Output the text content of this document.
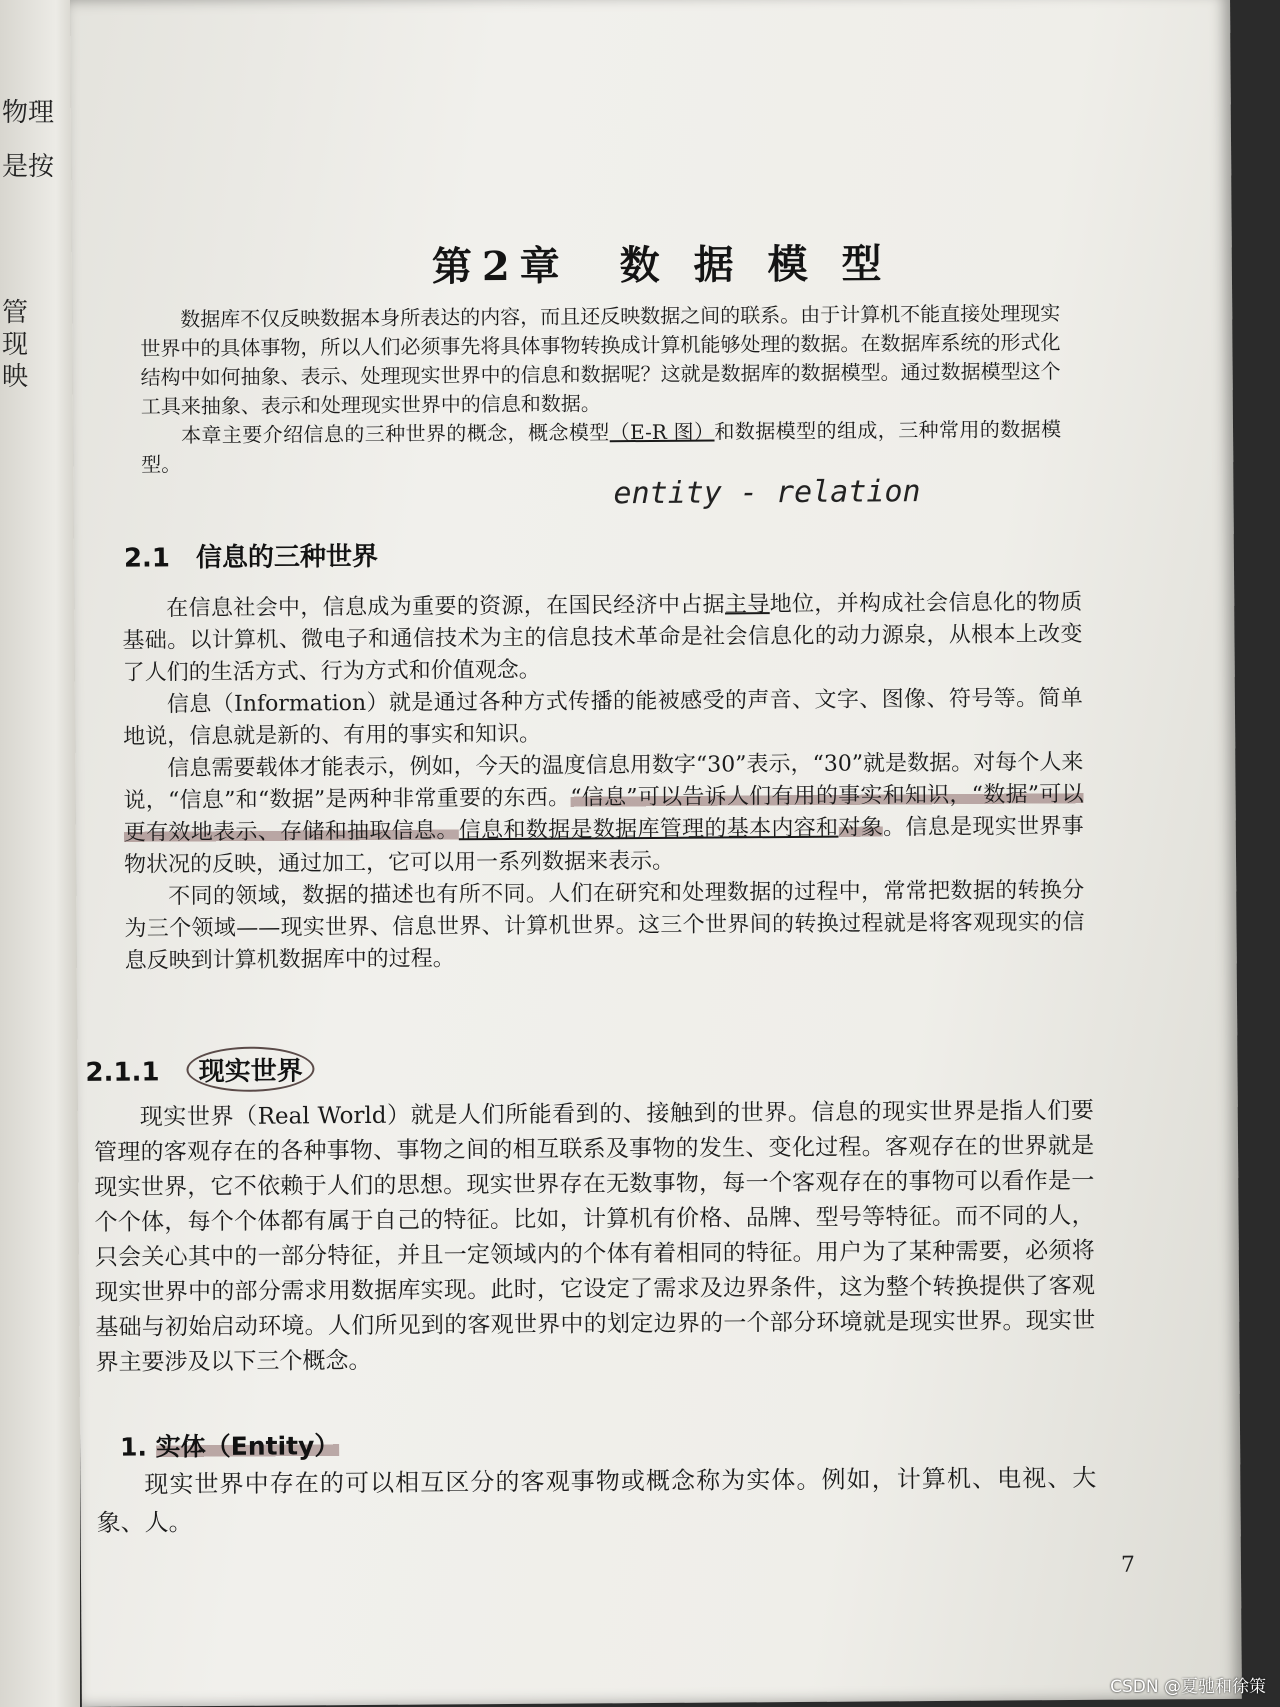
物理
是按
管
现
映
第2章　数 据 模 型

数据库不仅反映数据本身所表达的内容，而且还反映数据之间的联系。由于计算机不能直接处理现实世界中的具体事物，所以人们必须事先将具体事物转换成计算机能够处理的数据。在数据库系统的形式化结构中如何抽象、表示、处理现实世界中的信息和数据呢？这就是数据库的数据模型。通过数据模型这个工具来抽象、表示和处理现实世界中的信息和数据。

本章主要介绍信息的三种世界的概念，概念模型（E-R 图）和数据模型的组成，三种常用的数据模型。

entity - relation
2.1　信息的三种世界

在信息社会中，信息成为重要的资源，在国民经济中占据主导地位，并构成社会信息化的物质基础。以计算机、微电子和通信技术为主的信息技术革命是社会信息化的动力源泉，从根本上改变了人们的生活方式、行为方式和价值观念。

信息（Information）就是通过各种方式传播的能被感受的声音、文字、图像、符号等。简单地说，信息就是新的、有用的事实和知识。

信息需要载体才能表示，例如，今天的温度信息用数字“30”表示，“30”就是数据。对每个人来说，“信息”和“数据”是两种非常重要的东西。“信息”可以告诉人们有用的事实和知识，“数据”可以更有效地表示、存储和抽取信息。信息和数据是数据库管理的基本内容和对象。信息是现实世界事物状况的反映，通过加工，它可以用一系列数据来表示。

不同的领域，数据的描述也有所不同。人们在研究和处理数据的过程中，常常把数据的转换分为三个领域——现实世界、信息世界、计算机世界。这三个世界间的转换过程就是将客观现实的信息反映到计算机数据库中的过程。

2.1.1 现实世界

现实世界（Real World）就是人们所能看到的、接触到的世界。信息的现实世界是指人们要管理的客观存在的各种事物、事物之间的相互联系及事物的发生、变化过程。客观存在的世界就是现实世界，它不依赖于人们的思想。现实世界存在无数事物，每一个客观存在的事物可以看作是一个个体，每个个体都有属于自己的特征。比如，计算机有价格、品牌、型号等特征。而不同的人，只会关心其中的一部分特征，并且一定领域内的个体有着相同的特征。用户为了某种需要，必须将现实世界中的部分需求用数据库实现。此时，它设定了需求及边界条件，这为整个转换提供了客观基础与初始启动环境。人们所见到的客观世界中的划定边界的一个部分环境就是现实世界。现实世界主要涉及以下三个概念。

1. 实体（Entity）

现实世界中存在的可以相互区分的客观事物或概念称为实体。例如，计算机、电视、大象、人。

7
CSDN @夏驰和徐策
